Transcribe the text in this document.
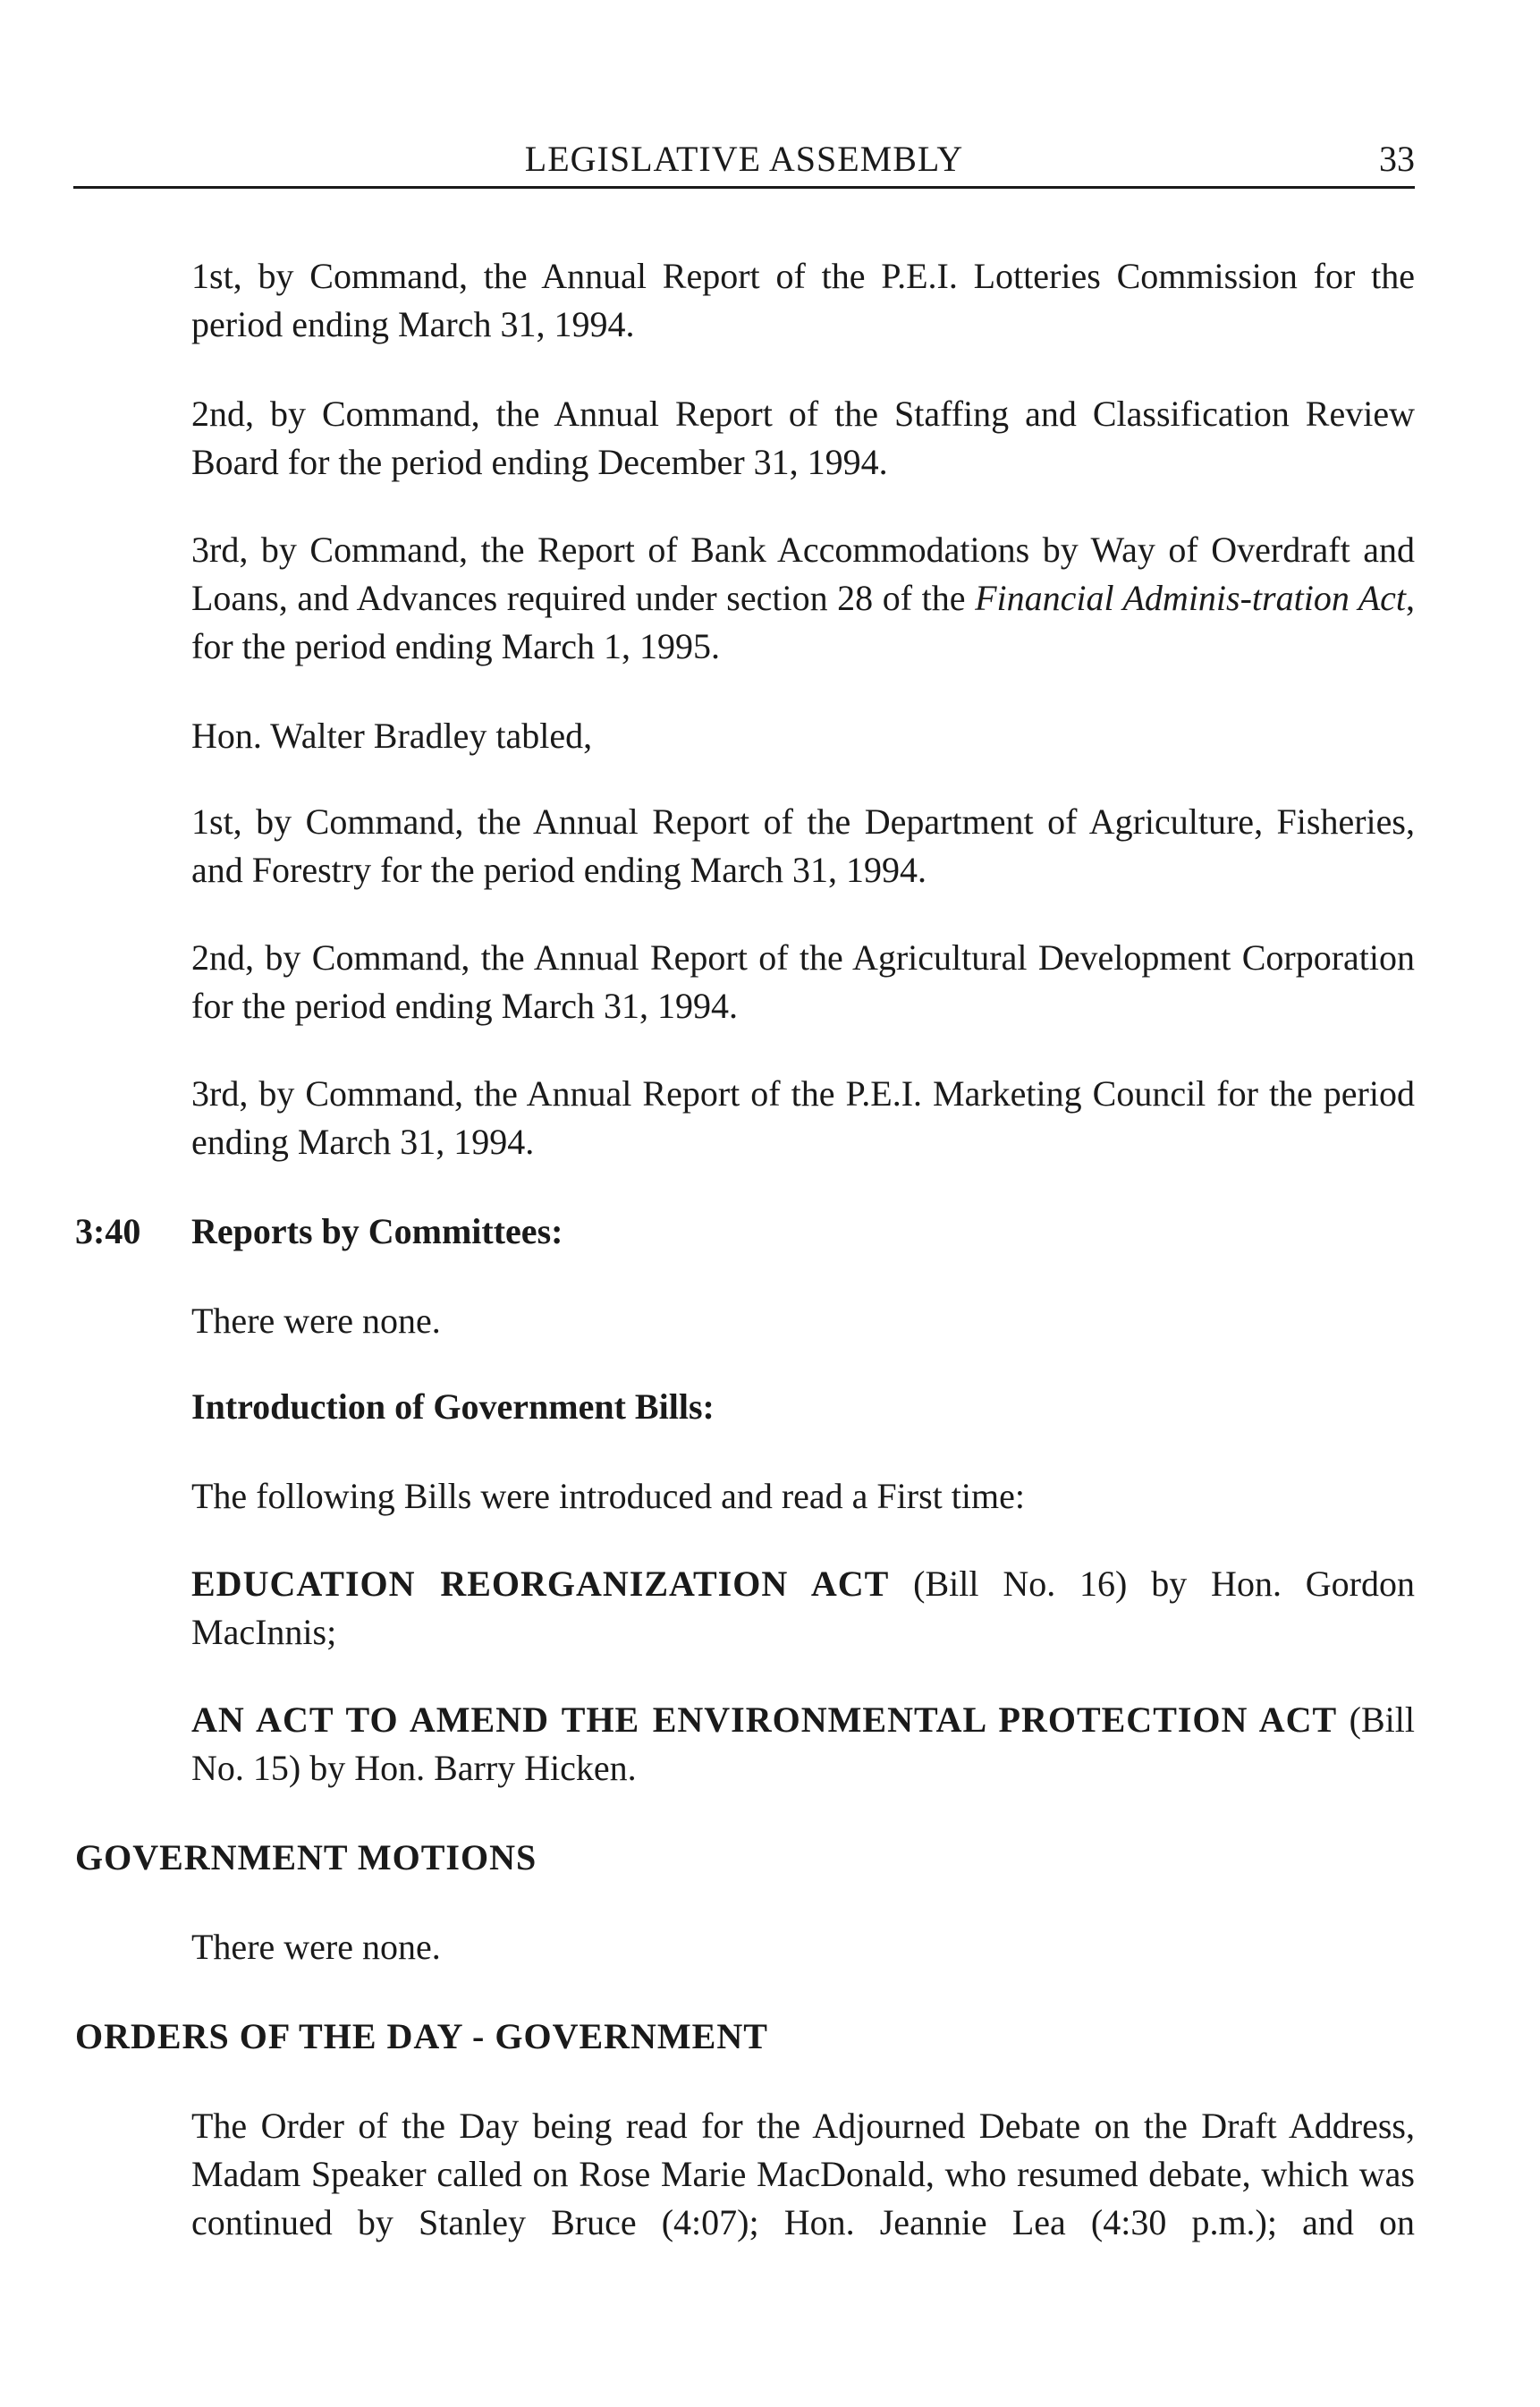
LEGISLATIVE ASSEMBLY	33

1st, by Command, the Annual Report of the P.E.I. Lotteries Commission for the period ending March 31, 1994.

2nd, by Command, the Annual Report of the Staffing and Classification Review Board for the period ending December 31, 1994.

3rd, by Command, the Report of Bank Accommodations by Way of Overdraft and Loans, and Advances required under section 28 of the Financial Adminis-tration Act, for the period ending March 1, 1995.

Hon. Walter Bradley tabled,

1st, by Command, the Annual Report of the Department of Agriculture, Fisheries, and Forestry for the period ending March 31, 1994.

2nd, by Command, the Annual Report of the Agricultural Development Corporation for the period ending March 31, 1994.

3rd, by Command, the Annual Report of the P.E.I. Marketing Council for the period ending March 31, 1994.

3:40 Reports by Committees:

There were none.

Introduction of Government Bills:

The following Bills were introduced and read a First time:

EDUCATION REORGANIZATION ACT (Bill No. 16) by Hon. Gordon MacInnis;

AN ACT TO AMEND THE ENVIRONMENTAL PROTECTION ACT (Bill No. 15) by Hon. Barry Hicken.

GOVERNMENT MOTIONS

There were none.

ORDERS OF THE DAY - GOVERNMENT

The Order of the Day being read for the Adjourned Debate on the Draft Address, Madam Speaker called on Rose Marie MacDonald, who resumed debate, which was continued by Stanley Bruce (4:07); Hon. Jeannie Lea (4:30 p.m.); and on
